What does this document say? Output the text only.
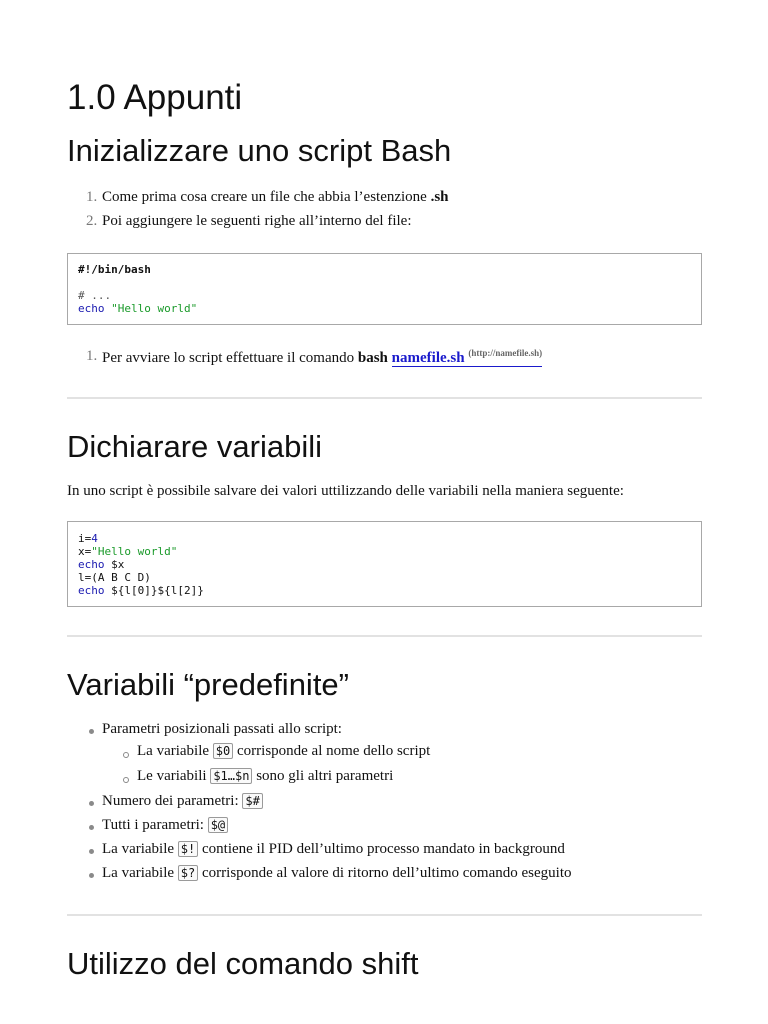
1.0 Appunti
Inizializzare uno script Bash
1. Come prima cosa creare un file che abbia l’estenzione .sh
2. Poi aggiungere le seguenti righe all’interno del file:
#!/bin/bash
# ...
echo "Hello world"
1. Per avviare lo script effettuare il comando bash namefile.sh $^{(http://namefile.sh)}$
Dichiarare variabili
In uno script è possibile salvare dei valori uttilizzando delle variabili nella maniera seguente:
i=4
x="Hello world"
echo $x
l=(A B C D)
echo ${l[0]}${l[2]}
Variabili “predefinite”
Parametri posizionali passati allo script:
La variabile $0 corrisponde al nome dello script
Le variabili $1…$n sono gli altri parametri
Numero dei parametri: $#
Tutti i parametri: $@
La variabile $! contiene il PID dell’ultimo processo mandato in background
La variabile $? corrisponde al valore di ritorno dell’ultimo comando eseguito
Utilizzo del comando shift
